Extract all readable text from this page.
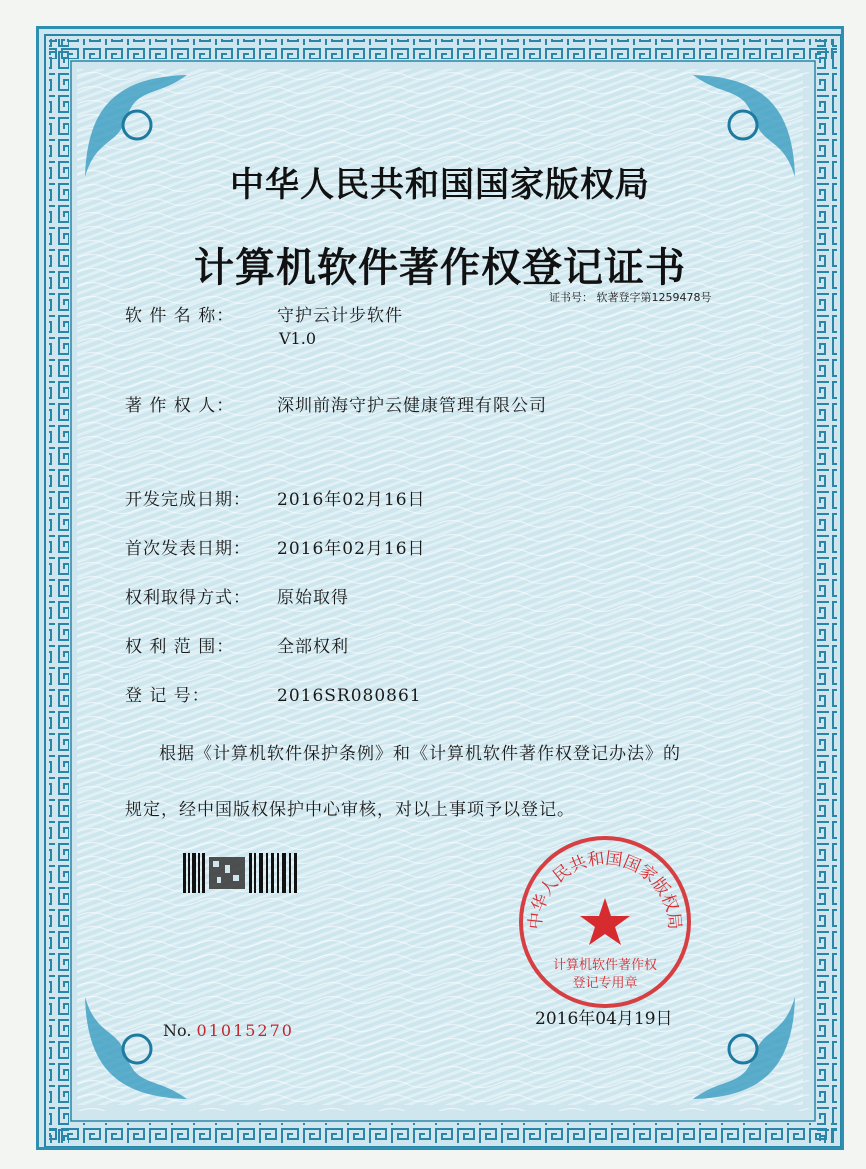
中华人民共和国国家版权局
计算机软件著作权登记证书
证书号： 软著登字第1259478号
软 件 名 称：	守护云计步软件
V1.0
著 作 权 人：	深圳前海守护云健康管理有限公司
开发完成日期： 2016年02月16日
首次发表日期： 2016年02月16日
权利取得方式： 原始取得
权 利 范 围：	全部权利
登 记 号：	2016SR080861
根据《计算机软件保护条例》和《计算机软件著作权登记办法》的
规定，经中国版权保护中心审核，对以上事项予以登记。
中华人民共和国国家版权局
计算机软件著作权
登记专用章
2016年04月19日
No. 01015270
